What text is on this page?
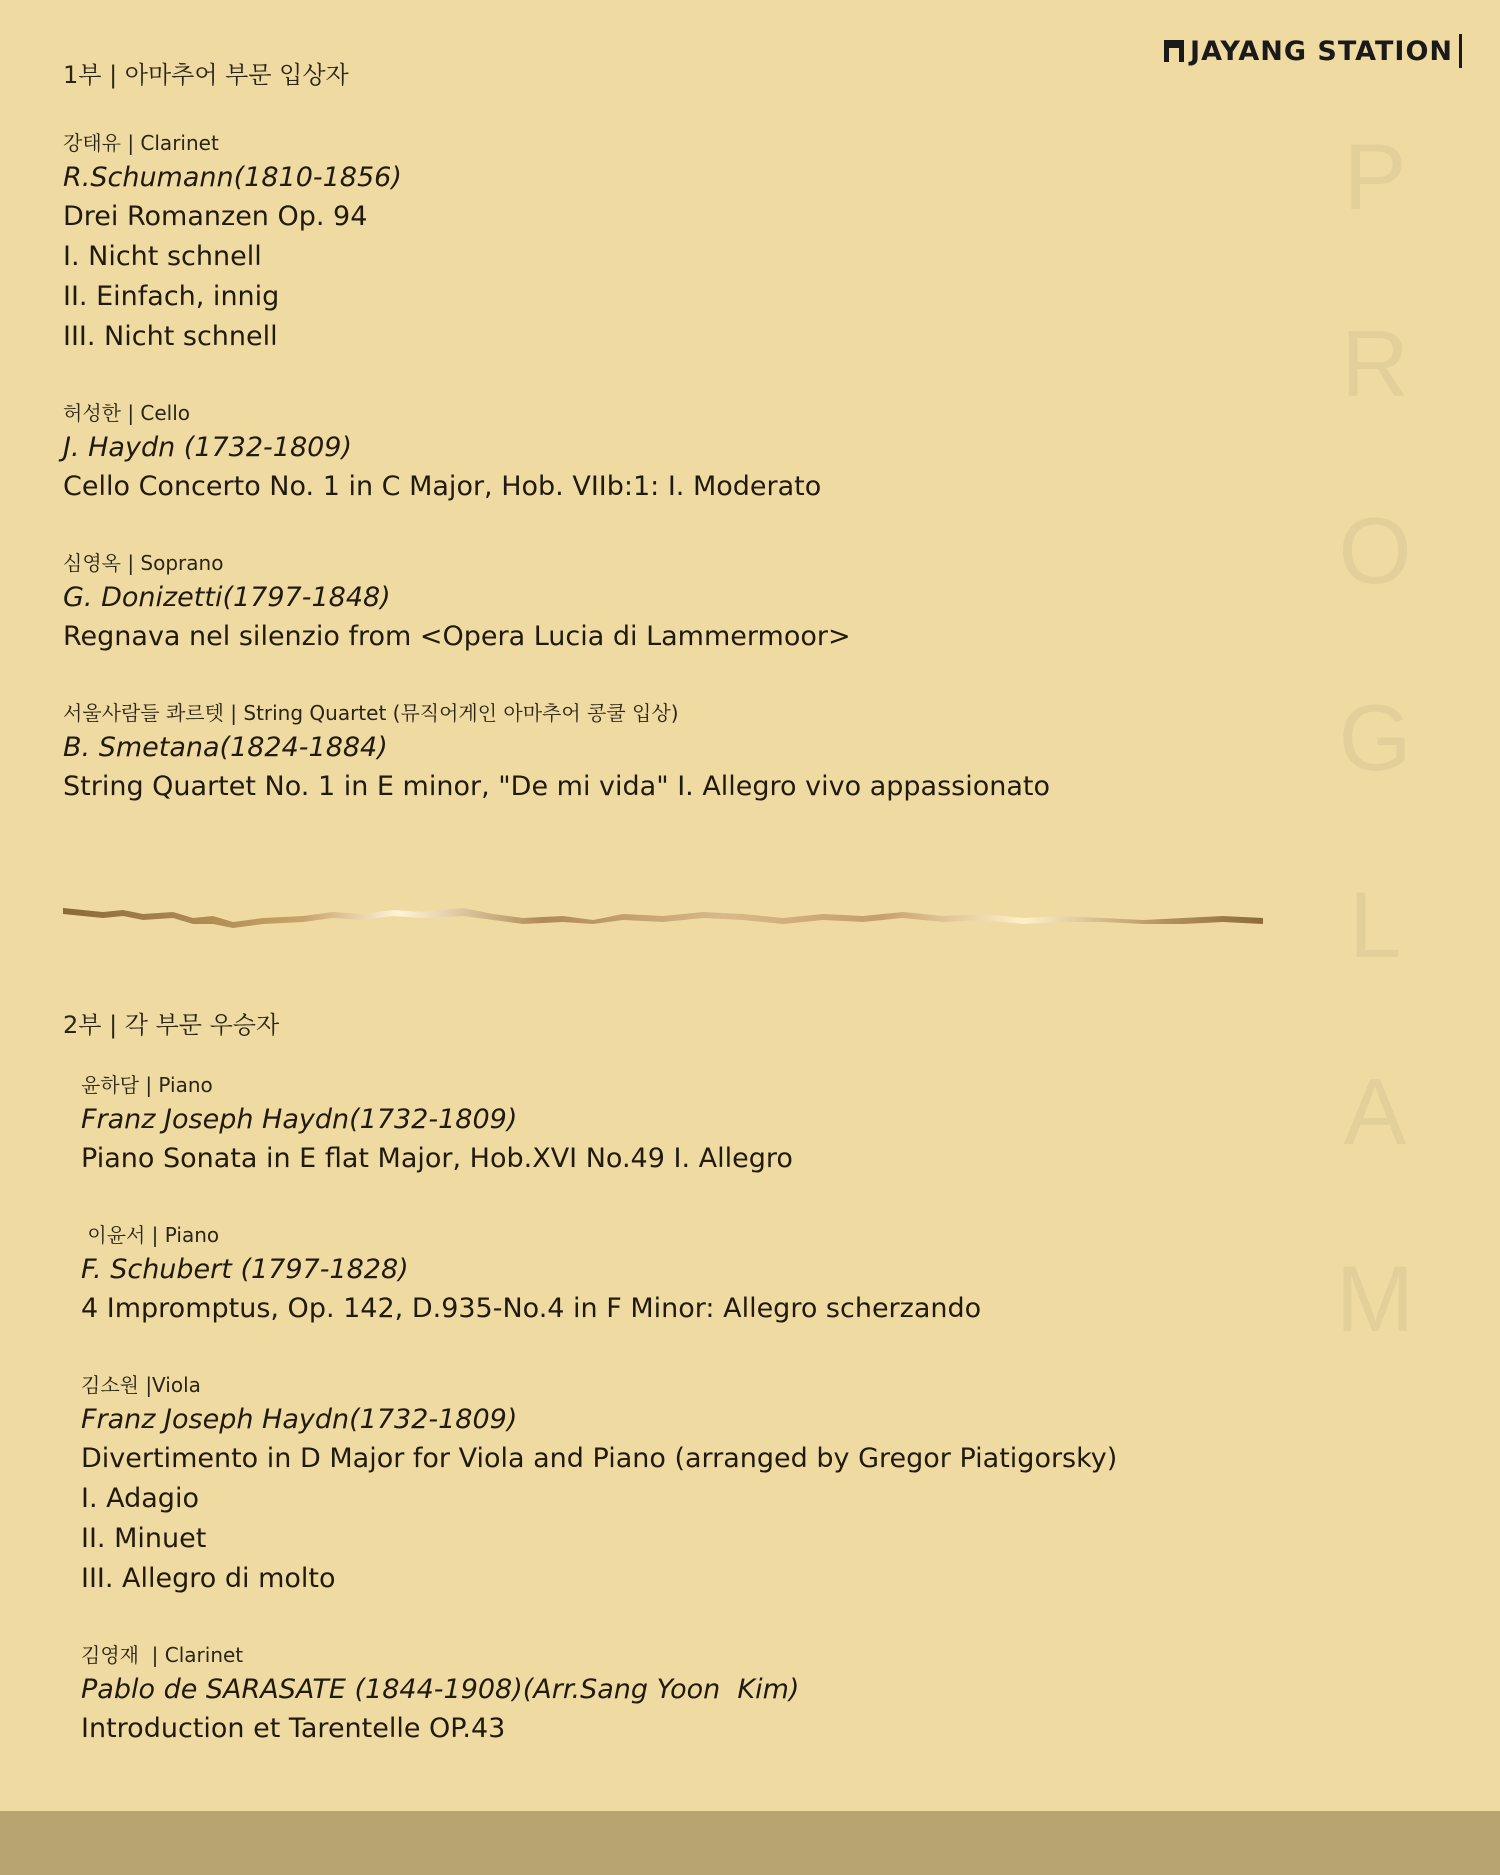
JAYANG STATION
P
R
O
G
L
A
M
1부 | 아마추어 부문 입상자
강태유 | Clarinet
R.Schumann(1810-1856)
Drei Romanzen Op. 94
I. Nicht schnell
II. Einfach, innig
III. Nicht schnell
허성한 | Cello
J. Haydn (1732-1809)
Cello Concerto No. 1 in C Major, Hob. VIIb:1: I. Moderato
심영옥 | Soprano
G. Donizetti(1797-1848)
Regnava nel silenzio from <Opera Lucia di Lammermoor>
서울사람들 콰르텟 | String Quartet (뮤직어게인 아마추어 콩쿨 입상)
B. Smetana(1824-1884)
String Quartet No. 1 in E minor, "De mi vida" I. Allegro vivo appassionato
2부 | 각 부문 우승자
윤하담 | Piano
Franz Joseph Haydn(1732-1809)
Piano Sonata in E flat Major, Hob.XVI No.49 I. Allegro
이윤서 | Piano
F. Schubert (1797-1828)
4 Impromptus, Op. 142, D.935-No.4 in F Minor: Allegro scherzando
김소원 |Viola
Franz Joseph Haydn(1732-1809)
Divertimento in D Major for Viola and Piano (arranged by Gregor Piatigorsky)
I. Adagio
II. Minuet
III. Allegro di molto
김영재  | Clarinet
Pablo de SARASATE (1844-1908)(Arr.Sang Yoon  Kim)
Introduction et Tarentelle OP.43
